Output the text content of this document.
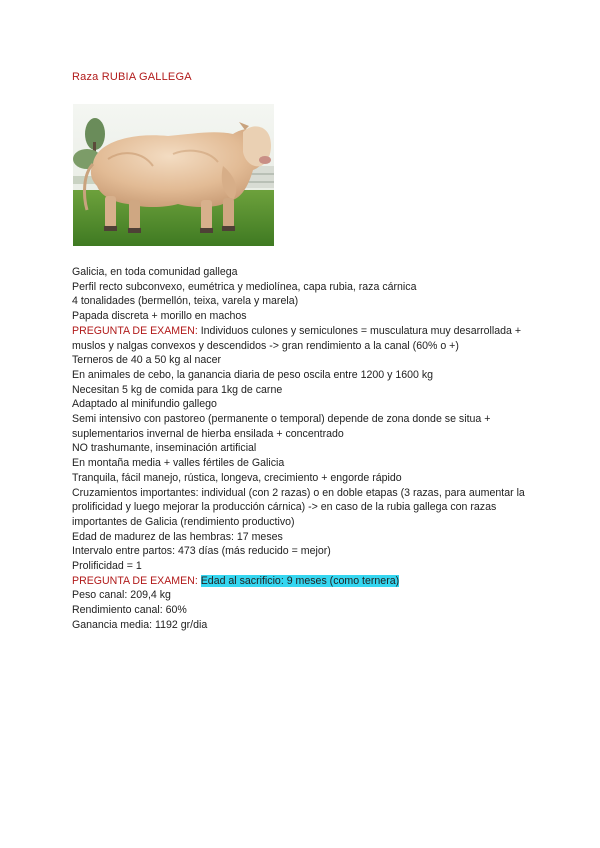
Raza RUBIA GALLEGA
Galicia, en toda comunidad gallega
Perfil recto subconvexo, eumétrica y mediolínea, capa rubia, raza cárnica
4 tonalidades (bermellón, teixa, varela y marela)
Papada discreta + morillo en machos
PREGUNTA DE EXAMEN: Individuos culones y semiculones = musculatura muy desarrollada + muslos y nalgas convexos y descendidos -> gran rendimiento a la canal (60% o +)
Terneros de 40 a 50 kg al nacer
En animales de cebo, la ganancia diaria de peso oscila entre 1200 y 1600 kg
Necesitan 5 kg de comida para 1kg de carne
Adaptado al minifundio gallego
Semi intensivo con pastoreo (permanente o temporal) depende de zona donde se situa + suplementarios invernal de hierba ensilada + concentrado
NO trashumante, inseminación artificial
En montaña media + valles fértiles de Galicia
Tranquila, fácil manejo, rústica, longeva, crecimiento + engorde rápido
Cruzamientos importantes: individual (con 2 razas) o en doble etapas (3 razas, para aumentar la prolificidad y luego mejorar la producción cárnica) -> en caso de la rubia gallega con razas importantes de Galicia (rendimiento productivo)
Edad de madurez de las hembras: 17 meses
Intervalo entre partos: 473 días (más reducido = mejor)
Prolificidad = 1
PREGUNTA DE EXAMEN: Edad al sacrificio: 9 meses (como ternera)
Peso canal: 209,4 kg
Rendimiento canal: 60%
Ganancia media: 1192 gr/dia
